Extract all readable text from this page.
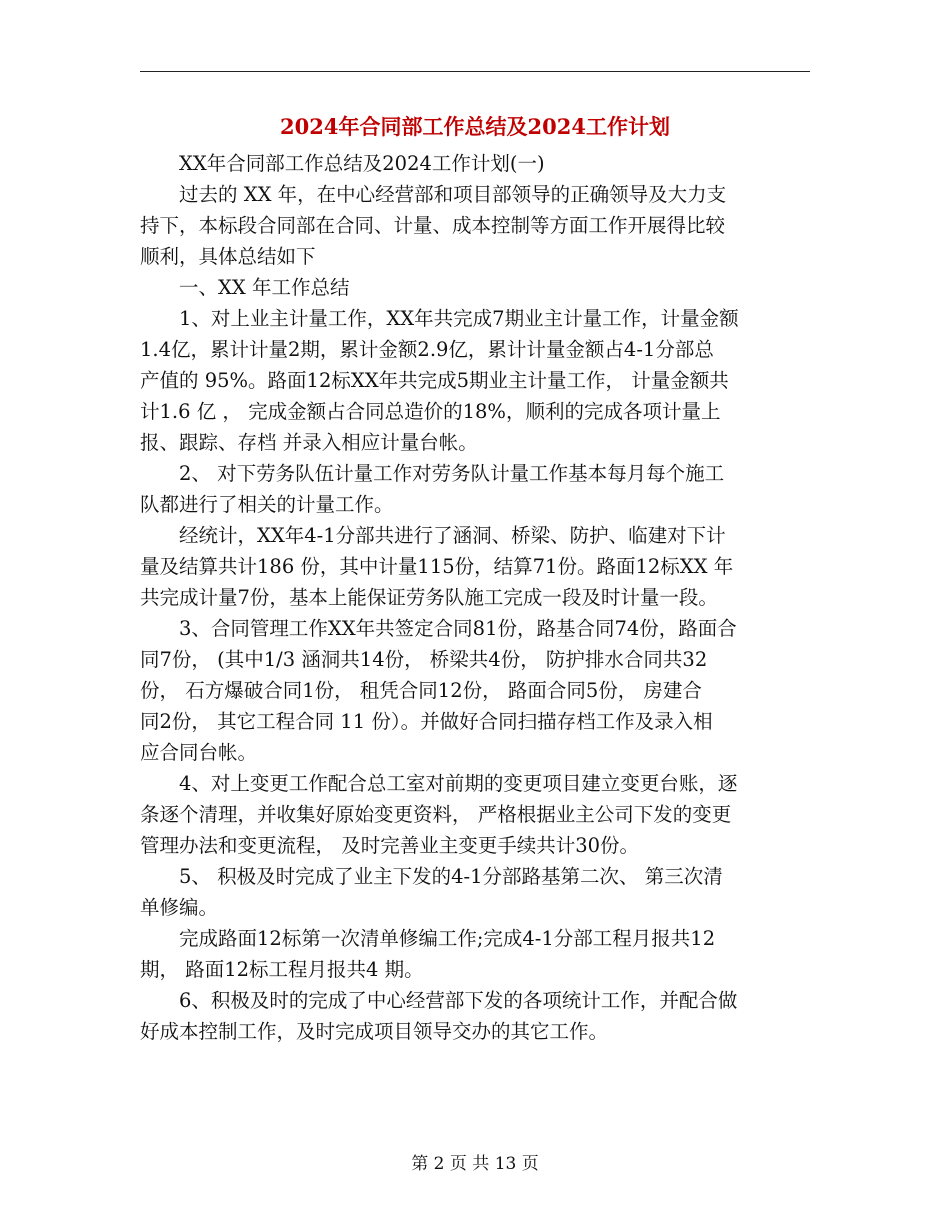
2024年合同部工作总结及2024工作计划

XX年合同部工作总结及2024工作计划(一)

过去的 XX 年，在中心经营部和项目部领导的正确领导及大力支
持下，本标段合同部在合同、计量、成本控制等方面工作开展得比较
顺利，具体总结如下

一、XX 年工作总结

1、对上业主计量工作，XX年共完成7期业主计量工作，计量金额
1.4亿，累计计量2期，累计金额2.9亿，累计计量金额占4-1分部总
产值的 95%。路面12标XX年共完成5期业主计量工作， 计量金额共
计1.6 亿 ， 完成金额占合同总造价的18%，顺利的完成各项计量上
报、跟踪、存档 并录入相应计量台帐。

2、 对下劳务队伍计量工作对劳务队计量工作基本每月每个施工
队都进行了相关的计量工作。

经统计，XX年4-1分部共进行了涵洞、桥梁、防护、临建对下计
量及结算共计186 份，其中计量115份，结算71份。路面12标XX 年
共完成计量7份，基本上能保证劳务队施工完成一段及时计量一段。

3、合同管理工作XX年共签定合同81份，路基合同74份，路面合
同7份， (其中1/3 涵洞共14份， 桥梁共4份， 防护排水合同共32
份， 石方爆破合同1份， 租凭合同12份， 路面合同5份， 房建合
同2份， 其它工程合同 11 份）。并做好合同扫描存档工作及录入相
应合同台帐。

4、对上变更工作配合总工室对前期的变更项目建立变更台账，逐
条逐个清理，并收集好原始变更资料， 严格根据业主公司下发的变更
管理办法和变更流程， 及时完善业主变更手续共计30份。

5、 积极及时完成了业主下发的4-1分部路基第二次、 第三次清
单修编。

完成路面12标第一次清单修编工作;完成4-1分部工程月报共12
期， 路面12标工程月报共4 期。

6、积极及时的完成了中心经营部下发的各项统计工作，并配合做
好成本控制工作，及时完成项目领导交办的其它工作。

第 2 页 共 13 页
